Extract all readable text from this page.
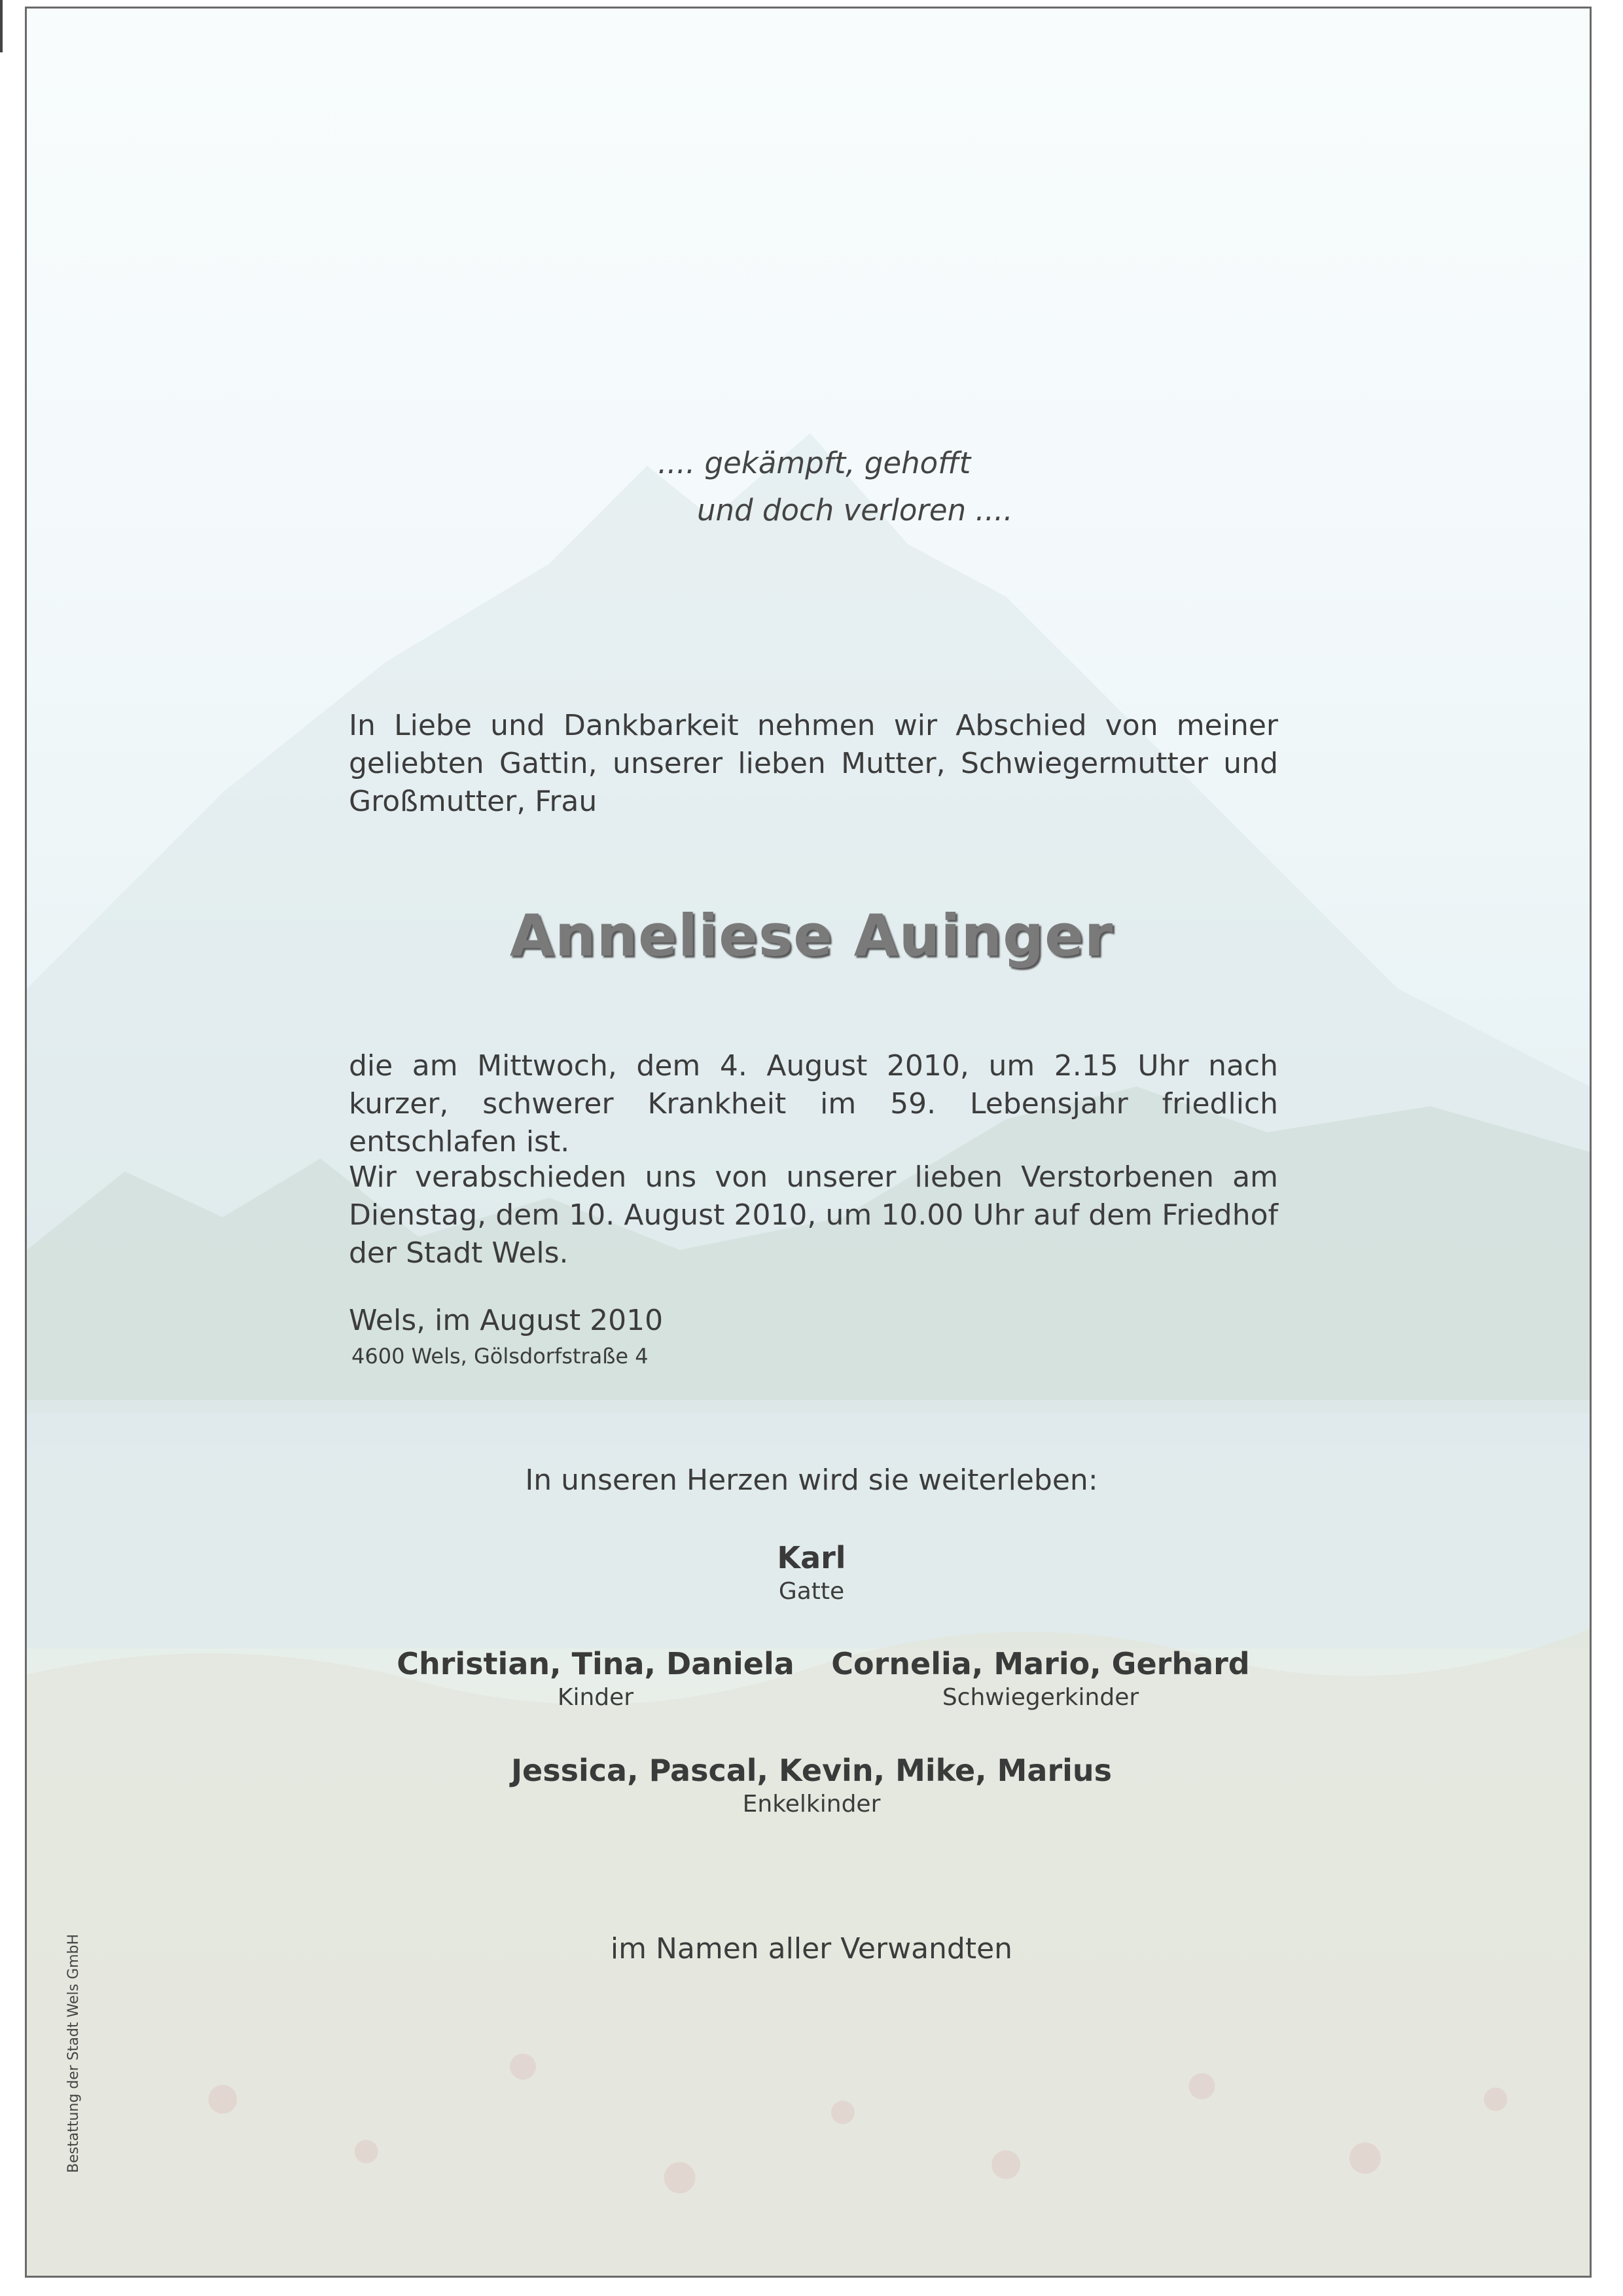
.... gekämpft, gehofft
und doch verloren ....
In Liebe und Dankbarkeit nehmen wir Abschied von meiner geliebten Gattin, unserer lieben Mutter, Schwiegermutter und Großmutter, Frau
Anneliese Auinger
die am Mittwoch, dem 4. August 2010, um 2.15 Uhr nach kurzer, schwerer Krankheit im 59. Lebensjahr friedlich entschlafen ist.
Wir verabschieden uns von unserer lieben Verstorbenen am Dienstag, dem 10. August 2010, um 10.00 Uhr auf dem Friedhof der Stadt Wels.
Wels, im August 2010
4600 Wels, Gölsdorfstraße 4
In unseren Herzen wird sie weiterleben:
Karl
Gatte
Christian, Tina, Daniela
Kinder
Cornelia, Mario, Gerhard
Schwiegerkinder
Jessica, Pascal, Kevin, Mike, Marius
Enkelkinder
im Namen aller Verwandten
Bestattung der Stadt Wels GmbH
